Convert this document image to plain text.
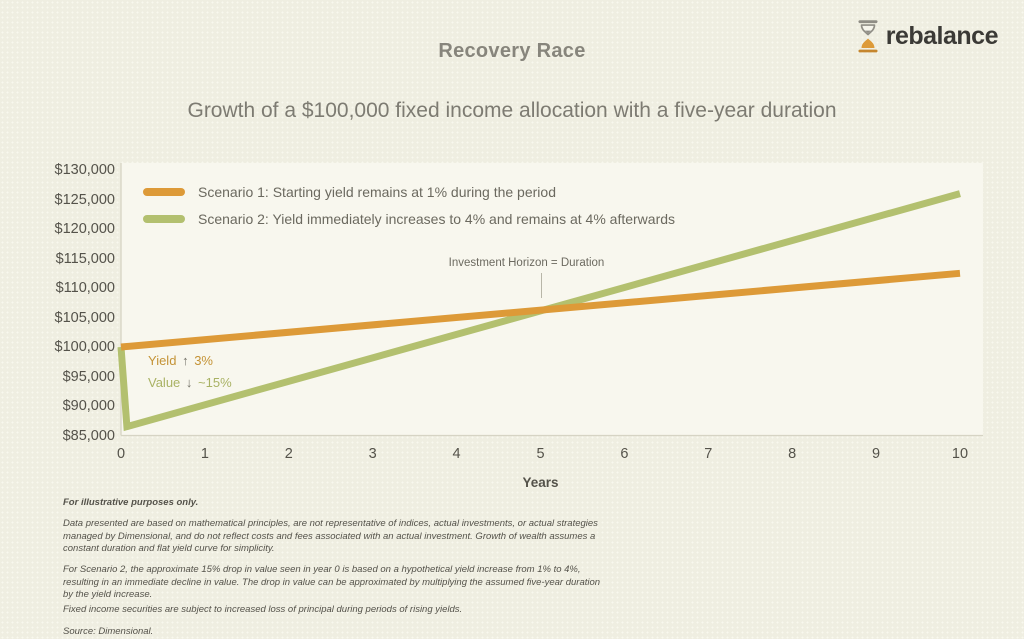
rebalance
Recovery Race
Growth of a $100,000 fixed income allocation with a five-year duration
$130,000
$125,000
$120,000
$115,000
$110,000
$105,000
$100,000
$95,000
$90,000
$85,000
0	1	2	3	4	5	6	7	8	9	10
Years
Scenario 1: Starting yield remains at 1% during the period
Scenario 2: Yield immediately increases to 4% and remains at 4% afterwards
Investment Horizon = Duration
Yield ↑ 3%
Value ↓ ~15%

For illustrative purposes only.

Data presented are based on mathematical principles, are not representative of indices, actual investments, or actual strategies managed by Dimensional, and do not reflect costs and fees associated with an actual investment. Growth of wealth assumes a constant duration and flat yield curve for simplicity.

For Scenario 2, the approximate 15% drop in value seen in year 0 is based on a hypothetical yield increase from 1% to 4%, resulting in an immediate decline in value. The drop in value can be approximated by multiplying the assumed five-year duration by the yield increase.

Fixed income securities are subject to increased loss of principal during periods of rising yields.

Source: Dimensional.
